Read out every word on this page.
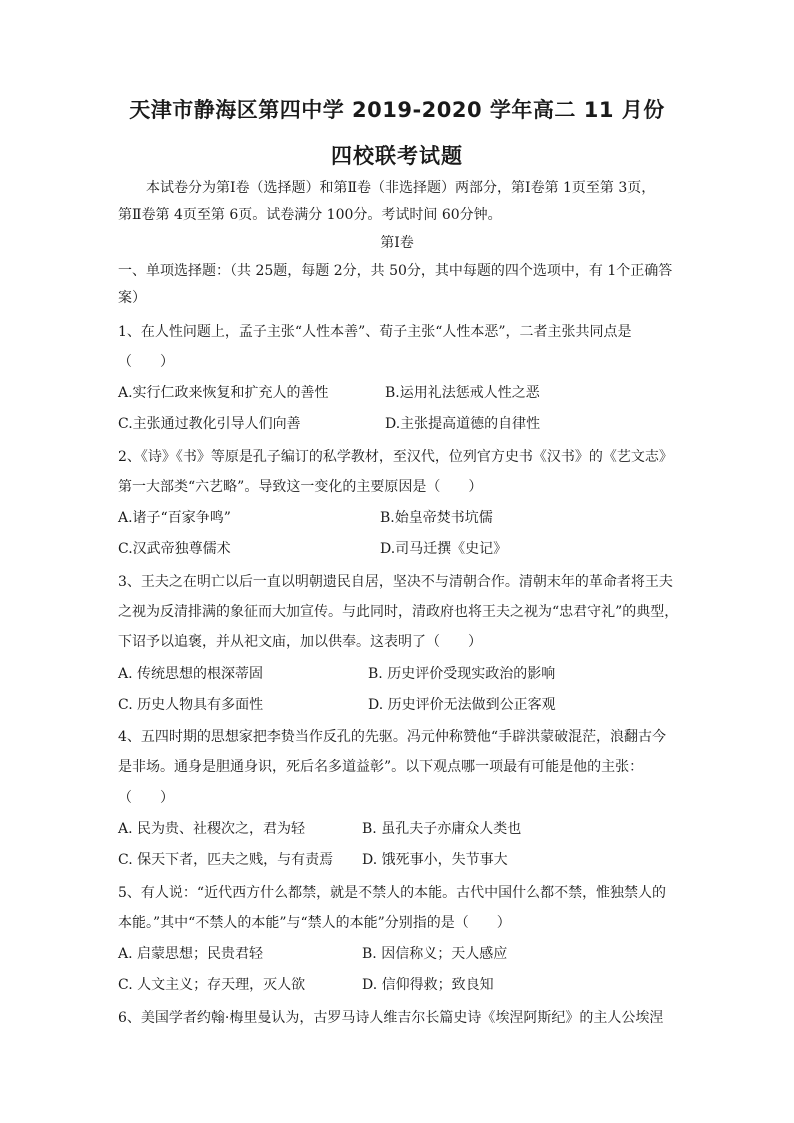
天津市静海区第四中学 2019-2020 学年高二 11 月份
四校联考试题
本试卷分为第Ⅰ卷（选择题）和第Ⅱ卷（非选择题）两部分，第Ⅰ卷第 1页至第 3页，
第Ⅱ卷第 4页至第 6页。试卷满分 100分。考试时间 60分钟。
第Ⅰ卷
一、单项选择题：（共 25题，每题 2分，共 50分，其中每题的四个选项中，有 1个正确答
案）
1、在人性问题上，孟子主张“人性本善”、荀子主张“人性本恶”，二者主张共同点是
（　　）
A.实行仁政来恢复和扩充人的善性	B.运用礼法惩戒人性之恶
C.主张通过教化引导人们向善	D.主张提高道德的自律性
2、《诗》《书》等原是孔子编订的私学教材，至汉代，位列官方史书《汉书》的《艺文志》
第一大部类“六艺略”。导致这一变化的主要原因是（　　）
A.诸子“百家争鸣”	B.始皇帝焚书坑儒
C.汉武帝独尊儒术	D.司马迁撰《史记》
3、王夫之在明亡以后一直以明朝遗民自居，坚决不与清朝合作。清朝末年的革命者将王夫
之视为反清排满的象征而大加宣传。与此同时，清政府也将王夫之视为“忠君守礼”的典型，
下诏予以追褒，并从祀文庙，加以供奉。这表明了（　　）
A. 传统思想的根深蒂固	B. 历史评价受现实政治的影响
C. 历史人物具有多面性	D. 历史评价无法做到公正客观
4、五四时期的思想家把李贽当作反孔的先驱。冯元仲称赞他“手辟洪蒙破混茫，浪翻古今
是非场。通身是胆通身识，死后名多道益彰”。以下观点哪一项最有可能是他的主张：
（　　）
A. 民为贵、社稷次之，君为轻	B. 虽孔夫子亦庸众人类也
C. 保天下者，匹夫之贱，与有责焉 D. 饿死事小，失节事大
5、有人说：“近代西方什么都禁，就是不禁人的本能。古代中国什么都不禁，惟独禁人的
本能。”其中“不禁人的本能”与“禁人的本能”分别指的是（　　）
A. 启蒙思想；民贵君轻	B. 因信称义；天人感应
C. 人文主义；存天理，灭人欲	D. 信仰得救；致良知
6、美国学者约翰·梅里曼认为，古罗马诗人维吉尔长篇史诗《埃涅阿斯纪》的主人公埃涅
